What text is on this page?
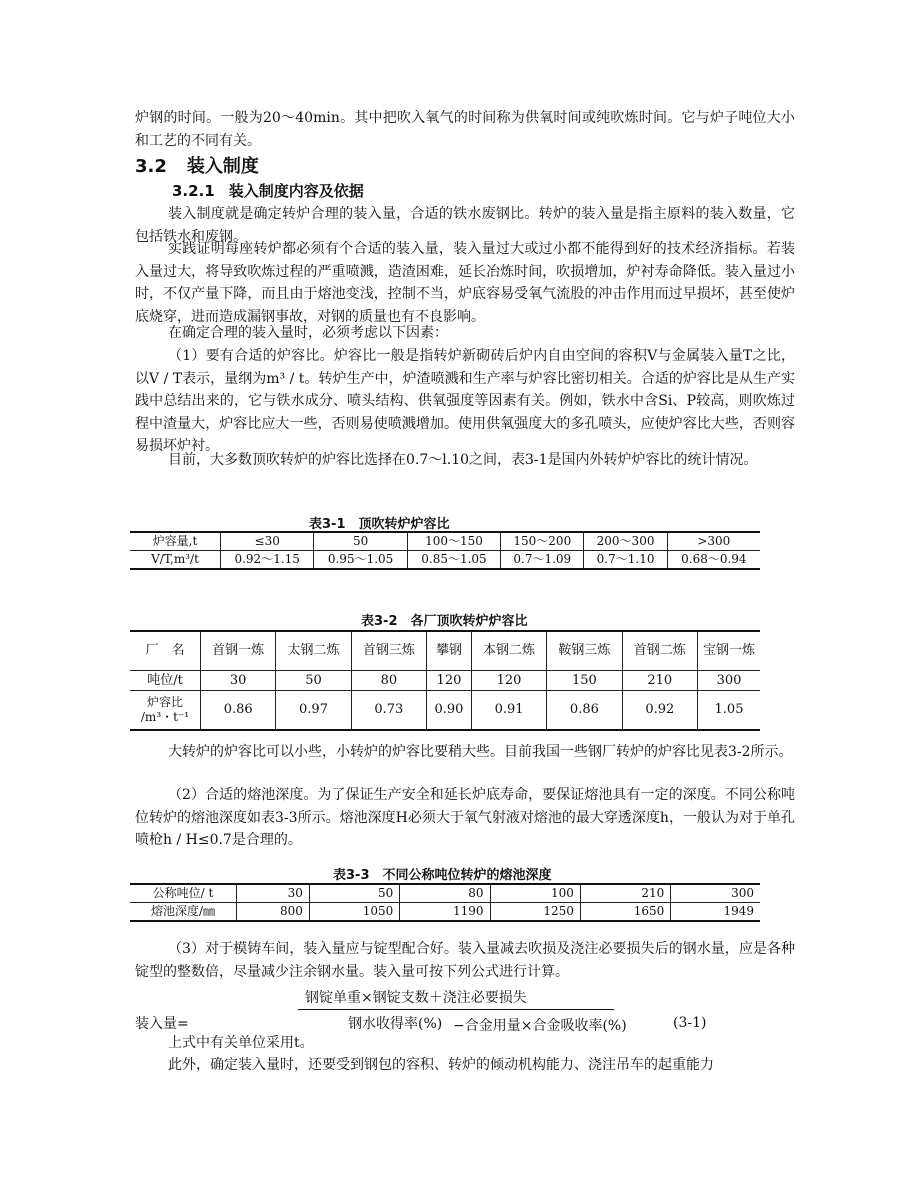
炉钢的时间。一般为20～40min。其中把吹入氧气的时间称为供氧时间或纯吹炼时间。它与炉子吨位大小和工艺的不同有关。

3.2 装入制度
3.2.1 装入制度内容及依据

装入制度就是确定转炉合理的装入量，合适的铁水废钢比。转炉的装入量是指主原料的装入数量，它包括铁水和废钢。

实践证明每座转炉都必须有个合适的装入量，装入量过大或过小都不能得到好的技术经济指标。若装入量过大，将导致吹炼过程的严重喷溅，造渣困难，延长冶炼时间，吹损增加，炉衬寿命降低。装入量过小时，不仅产量下降，而且由于熔池变浅，控制不当，炉底容易受氧气流股的冲击作用而过早损坏，甚至使炉底烧穿，进而造成漏钢事故，对钢的质量也有不良影响。

在确定合理的装入量时，必须考虑以下因素：

（1）要有合适的炉容比。炉容比一般是指转炉新砌砖后炉内自由空间的容积V与金属装入量T之比，以V / T表示，量纲为m³ / t。转炉生产中，炉渣喷溅和生产率与炉容比密切相关。合适的炉容比是从生产实践中总结出来的，它与铁水成分、喷头结构、供氧强度等因素有关。例如，铁水中含Si、P较高，则吹炼过程中渣量大，炉容比应大一些，否则易使喷溅增加。使用供氧强度大的多孔喷头，应使炉容比大些，否则容易损坏炉衬。

目前，大多数顶吹转炉的炉容比选择在0.7～l.10之间，表3-1是国内外转炉炉容比的统计情况。

表3-1　顶吹转炉炉容比
炉容量,t	≤30	50	100～150	150～200	200～300	>300
V/T,m³/t	0.92～1.15	0.95～1.05	0.85～1.05	0.7～1.09	0.7～1.10	0.68～0.94
表3-2　各厂顶吹转炉炉容比
厂　名	首钢一炼	太钢二炼	首钢三炼	攀钢	本钢二炼	鞍钢三炼	首钢二炼	宝钢一炼
吨位/t	30	50	80	120	120	150	210	300
炉容比
/m³・t⁻¹	0.86	0.97	0.73	0.90	0.91	0.86	0.92	1.05

大转炉的炉容比可以小些，小转炉的炉容比要稍大些。目前我国一些钢厂转炉的炉容比见表3-2所示。

（2）合适的熔池深度。为了保证生产安全和延长炉底寿命，要保证熔池具有一定的深度。不同公称吨位转炉的熔池深度如表3-3所示。熔池深度H必须大于氧气射液对熔池的最大穿透深度h，一般认为对于单孔喷枪h / H≤0.7是合理的。

表3-3　不同公称吨位转炉的熔池深度
公称吨位/ t	30	50	80	100	210	300
熔池深度/㎜	800	1050	1190	1250	1650	1949

（3）对于模铸车间，装入量应与锭型配合好。装入量减去吹损及浇注必要损失后的钢水量，应是各种锭型的整数倍，尽量减少注余钢水量。装入量可按下列公式进行计算。

钢锭单重×钢锭支数＋浇注必要损失
钢水收得率(%)
装入量=	−合金用量×合金吸收率(%)	(3-1)

上式中有关单位采用t。

此外，确定装入量时，还要受到钢包的容积、转炉的倾动机构能力、浇注吊车的起重能力
